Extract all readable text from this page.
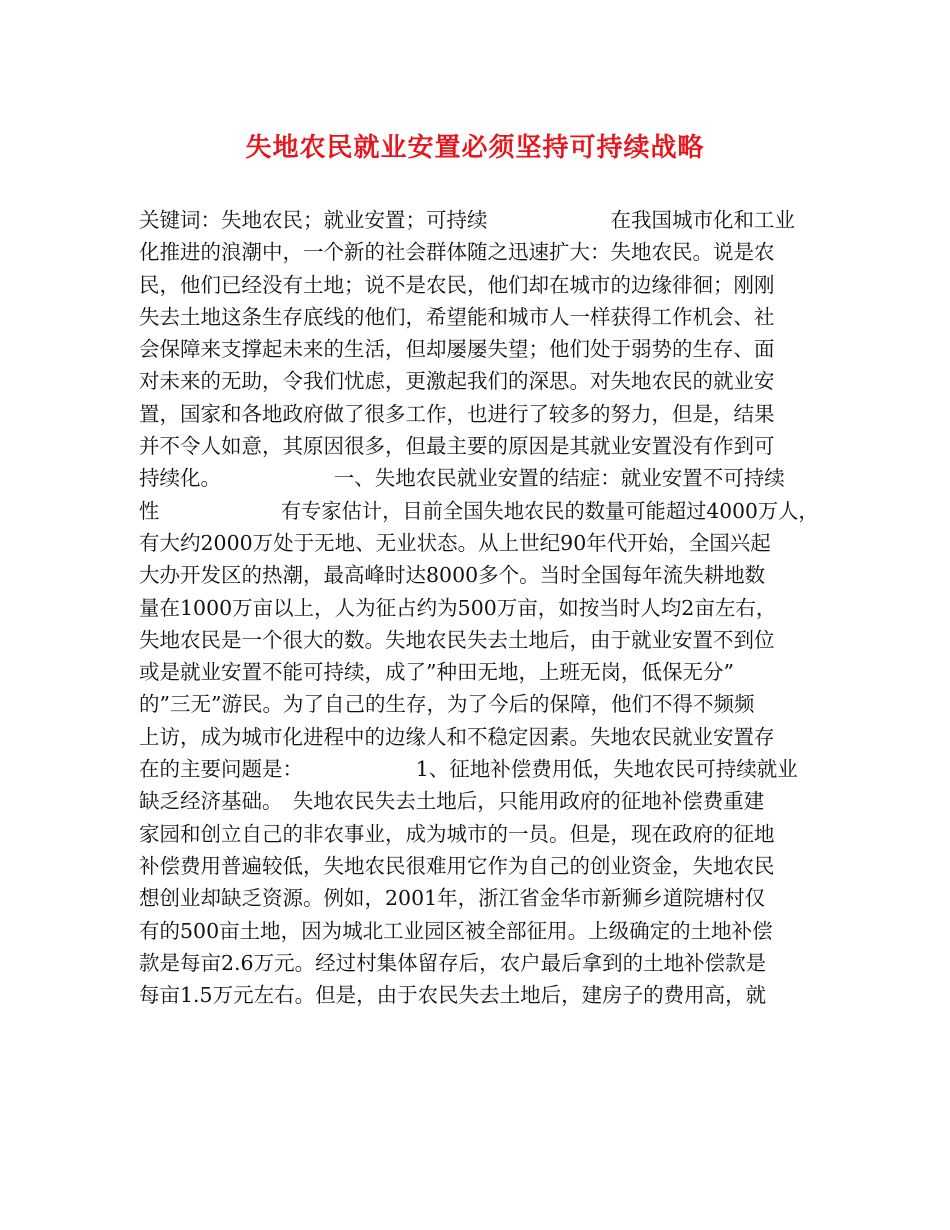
失地农民就业安置必须坚持可持续战略
关键词：失地农民；就业安置；可持续　　　　　　在我国城市化和工业
化推进的浪潮中，一个新的社会群体随之迅速扩大：失地农民。说是农
民，他们已经没有土地；说不是农民，他们却在城市的边缘徘徊；刚刚
失去土地这条生存底线的他们，希望能和城市人一样获得工作机会、社
会保障来支撑起未来的生活，但却屡屡失望；他们处于弱势的生存、面
对未来的无助，令我们忧虑，更激起我们的深思。对失地农民的就业安
置，国家和各地政府做了很多工作，也进行了较多的努力，但是，结果
并不令人如意，其原因很多，但最主要的原因是其就业安置没有作到可
持续化。　　　　　　一、失地农民就业安置的结症：就业安置不可持续
性　　　　　　有专家估计，目前全国失地农民的数量可能超过4000万人，
有大约2000万处于无地、无业状态。从上世纪90年代开始，全国兴起
大办开发区的热潮，最高峰时达8000多个。当时全国每年流失耕地数
量在1000万亩以上，人为征占约为500万亩，如按当时人均2亩左右，
失地农民是一个很大的数。失地农民失去土地后，由于就业安置不到位
或是就业安置不能可持续，成了”种田无地，上班无岗，低保无分”
的”三无”游民。为了自己的生存，为了今后的保障，他们不得不频频
上访，成为城市化进程中的边缘人和不稳定因素。失地农民就业安置存
在的主要问题是：　　　　　　1、征地补偿费用低，失地农民可持续就业
缺乏经济基础。　失地农民失去土地后，只能用政府的征地补偿费重建
家园和创立自己的非农事业，成为城市的一员。但是，现在政府的征地
补偿费用普遍较低，失地农民很难用它作为自己的创业资金，失地农民
想创业却缺乏资源。例如，2001年，浙江省金华市新狮乡道院塘村仅
有的500亩土地，因为城北工业园区被全部征用。上级确定的土地补偿
款是每亩2.6万元。经过村集体留存后，农户最后拿到的土地补偿款是
每亩1.5万元左右。但是，由于农民失去土地后，建房子的费用高，就
